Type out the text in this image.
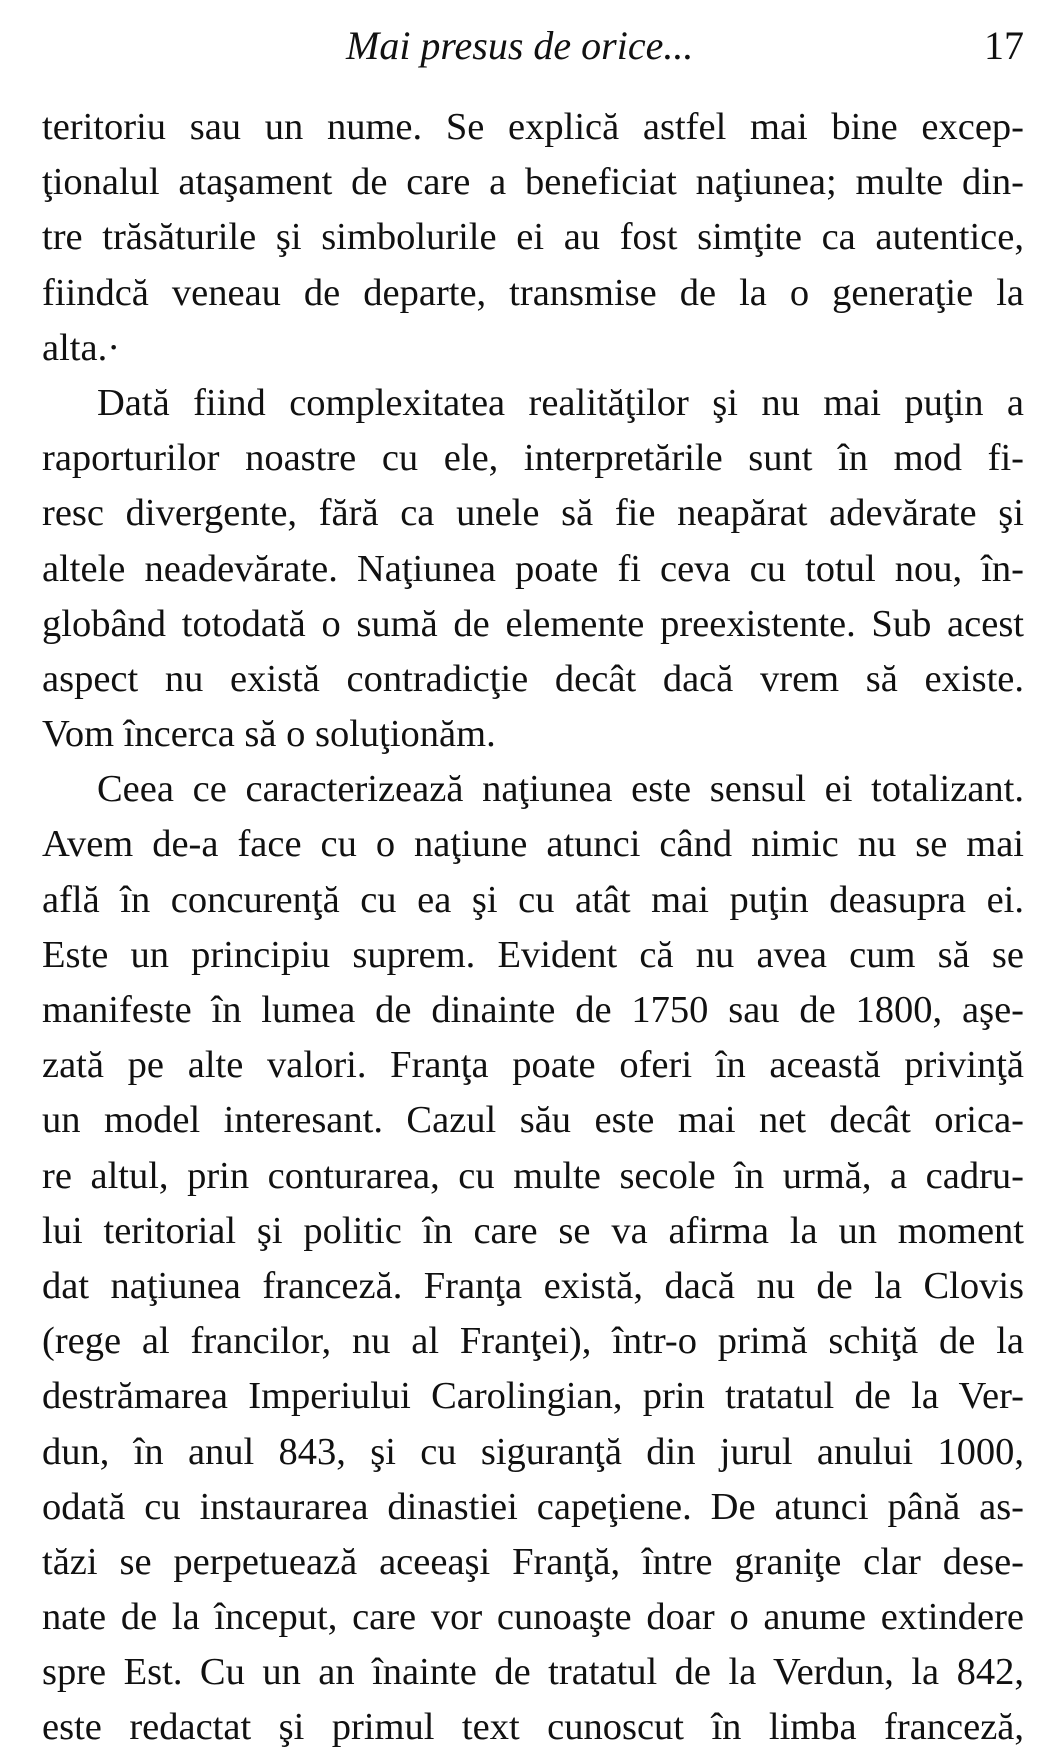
Mai presus de orice...	17
teritoriu sau un nume. Se explică astfel mai bine excep-
ţionalul ataşament de care a beneficiat naţiunea; multe din-
tre trăsăturile şi simbolurile ei au fost simţite ca autentice,
fiindcă veneau de departe, transmise de la o generaţie la
alta.·
Dată fiind complexitatea realităţilor şi nu mai puţin a
raporturilor noastre cu ele, interpretările sunt în mod fi-
resc divergente, fără ca unele să fie neapărat adevărate şi
altele neadevărate. Naţiunea poate fi ceva cu totul nou, în-
globând totodată o sumă de elemente preexistente. Sub acest
aspect nu există contradicţie decât dacă vrem să existe.
Vom încerca să o soluţionăm.
Ceea ce caracterizează naţiunea este sensul ei totalizant.
Avem de-a face cu o naţiune atunci când nimic nu se mai
află în concurenţă cu ea şi cu atât mai puţin deasupra ei.
Este un principiu suprem. Evident că nu avea cum să se
manifeste în lumea de dinainte de 1750 sau de 1800, aşe-
zată pe alte valori. Franţa poate oferi în această privinţă
un model interesant. Cazul său este mai net decât orica-
re altul, prin conturarea, cu multe secole în urmă, a cadru-
lui teritorial şi politic în care se va afirma la un moment
dat naţiunea franceză. Franţa există, dacă nu de la Clovis
(rege al francilor, nu al Franţei), într-o primă schiţă de la
destrămarea Imperiului Carolingian, prin tratatul de la Ver-
dun, în anul 843, şi cu siguranţă din jurul anului 1000,
odată cu instaurarea dinastiei capeţiene. De atunci până as-
tăzi se perpetuează aceeaşi Franţă, între graniţe clar dese-
nate de la început, care vor cunoaşte doar o anume extindere
spre Est. Cu un an înainte de tratatul de la Verdun, la 842,
este redactat şi primul text cunoscut în limba franceză,
